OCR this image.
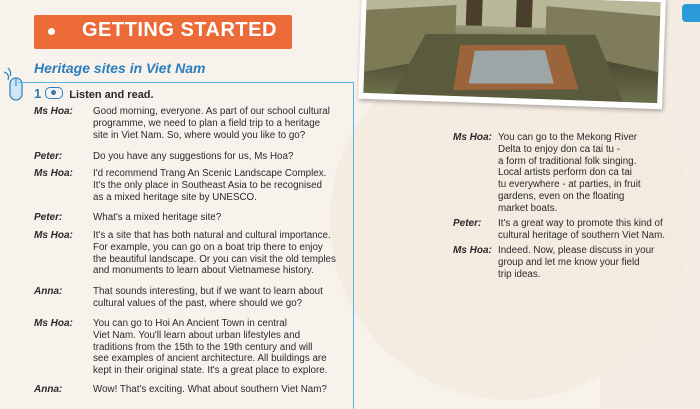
GETTING STARTED
Heritage sites in Viet Nam
1	Listen and read.
Ms Hoa: Good morning, everyone. As part of our school cultural
programme, we need to plan a field trip to a heritage
site in Viet Nam. So, where would you like to go?
Peter:	Do you have any suggestions for us, Ms Hoa?
Ms Hoa: I'd recommend Trang An Scenic Landscape Complex.
It's the only place in Southeast Asia to be recognised
as a mixed heritage site by UNESCO.
Peter:	What's a mixed heritage site?
Ms Hoa: It's a site that has both natural and cultural importance.
For example, you can go on a boat trip there to enjoy
the beautiful landscape. Or you can visit the old temples
and monuments to learn about Vietnamese history.
Anna:	That sounds interesting, but if we want to learn about
cultural values of the past, where should we go?
Ms Hoa: You can go to Hoi An Ancient Town in central
Viet Nam. You'll learn about urban lifestyles and
traditions from the 15th to the 19th century and will
see examples of ancient architecture. All buildings are
kept in their original state. It's a great place to explore.
Anna:	Wow! That's exciting. What about southern Viet Nam?
Ms Hoa: You can go to the Mekong River
Delta to enjoy don ca tai tu -
a form of traditional folk singing.
Local artists perform don ca tai
tu everywhere - at parties, in fruit
gardens, even on the floating
market boats.
Peter: It's a great way to promote this kind of
cultural heritage of southern Viet Nam.
Ms Hoa: Indeed. Now, please discuss in your
group and let me know your field
trip ideas.
